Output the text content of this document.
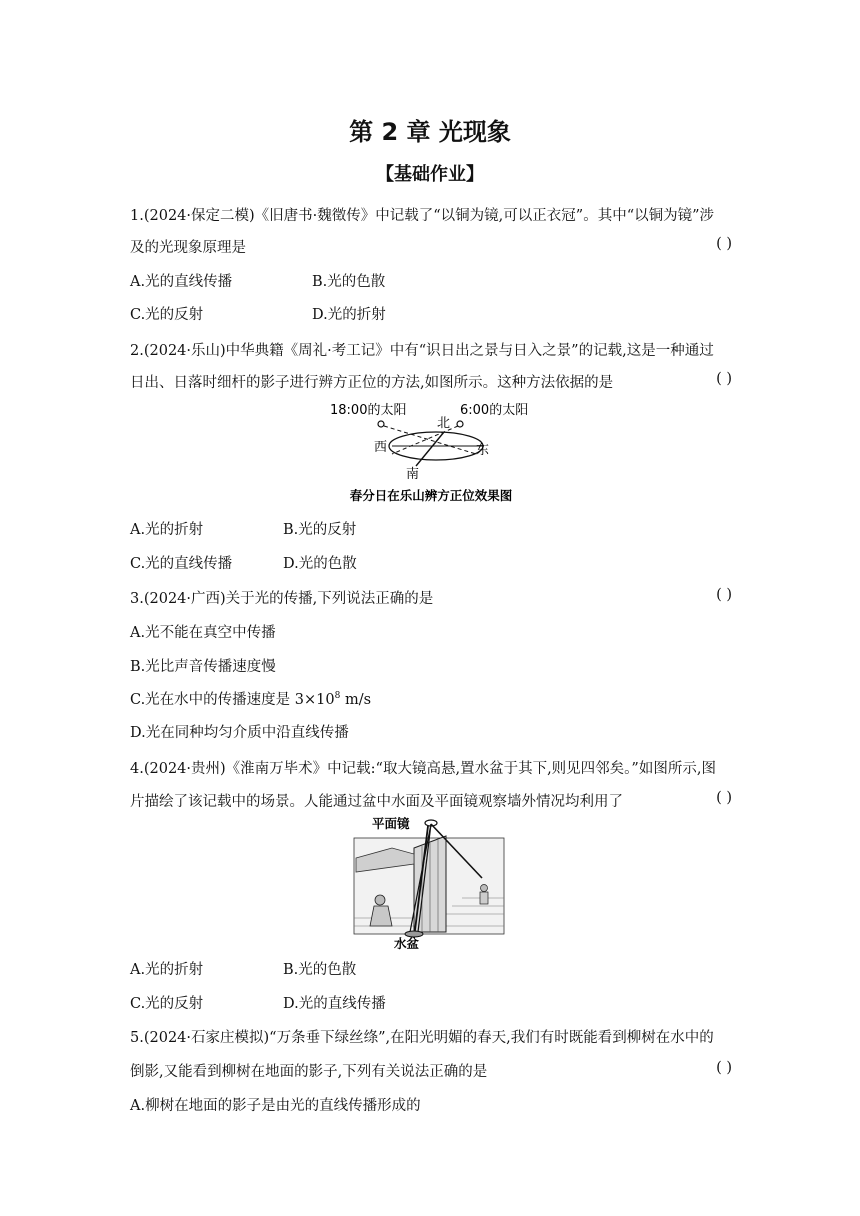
第 2 章 光现象
【基础作业】
1.(2024·保定二模)《旧唐书·魏徵传》中记载了“以铜为镜,可以正衣冠”。其中“以铜为镜”涉
及的光现象原理是	( )
A.光的直线传播	B.光的色散
C.光的反射	D.光的折射
2.(2024·乐山)中华典籍《周礼·考工记》中有“识日出之景与日入之景”的记载,这是一种通过
日出、日落时细杆的影子进行辨方正位的方法,如图所示。这种方法依据的是	( )
18:00的太阳	6:00的太阳
北
西	东
南
春分日在乐山辨方正位效果图
A.光的折射	B.光的反射
C.光的直线传播	D.光的色散
3.(2024·广西)关于光的传播,下列说法正确的是	( )
A.光不能在真空中传播
B.光比声音传播速度慢
C.光在水中的传播速度是 $3\times 10^8$ m/s
D.光在同种均匀介质中沿直线传播
4.(2024·贵州)《淮南万毕术》中记载:“取大镜高悬,置水盆于其下,则见四邻矣。”如图所示,图
片描绘了该记载中的场景。人能通过盆中水面及平面镜观察墙外情况均利用了	( )
平面镜
水盆
A.光的折射	B.光的色散
C.光的反射	D.光的直线传播
5.(2024·石家庄模拟)“万条垂下绿丝绦”,在阳光明媚的春天,我们有时既能看到柳树在水中的
倒影,又能看到柳树在地面的影子,下列有关说法正确的是	( )
A.柳树在地面的影子是由光的直线传播形成的
